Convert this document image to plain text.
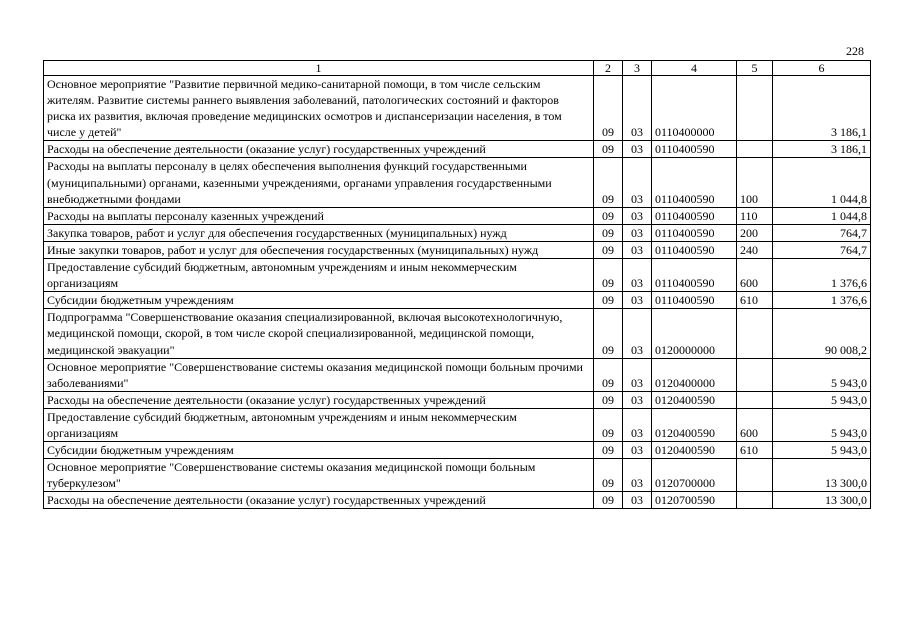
228
1	2	3	4	5	6
Основное мероприятие "Развитие первичной медико-санитарной помощи, в том числе сельским жителям. Развитие системы раннего выявления заболеваний, патологических состояний и факторов риска их развития, включая проведение медицинских осмотров и диспансеризации населения, в том числе у детей"	09	03	0110400000		3 186,1
Расходы на обеспечение деятельности (оказание услуг) государственных учреждений	09	03	0110400590		3 186,1
Расходы на выплаты персоналу в целях обеспечения выполнения функций государственными (муниципальными) органами, казенными учреждениями, органами управления государственными внебюджетными фондами	09	03	0110400590	100	1 044,8
Расходы на выплаты персоналу казенных учреждений	09	03	0110400590	110	1 044,8
Закупка товаров, работ и услуг для обеспечения государственных (муниципальных) нужд	09	03	0110400590	200	764,7
Иные закупки товаров, работ и услуг для обеспечения государственных (муниципальных) нужд	09	03	0110400590	240	764,7
Предоставление субсидий бюджетным, автономным учреждениям и иным некоммерческим организациям	09	03	0110400590	600	1 376,6
Субсидии бюджетным учреждениям	09	03	0110400590	610	1 376,6
Подпрограмма "Совершенствование оказания специализированной, включая высокотехнологичную, медицинской помощи, скорой, в том числе скорой специализированной, медицинской помощи, медицинской эвакуации"	09	03	0120000000		90 008,2
Основное мероприятие "Совершенствование системы оказания медицинской помощи больным прочими заболеваниями"	09	03	0120400000		5 943,0
Расходы на обеспечение деятельности (оказание услуг) государственных учреждений	09	03	0120400590		5 943,0
Предоставление субсидий бюджетным, автономным учреждениям и иным некоммерческим организациям	09	03	0120400590	600	5 943,0
Субсидии бюджетным учреждениям	09	03	0120400590	610	5 943,0
Основное мероприятие "Совершенствование системы оказания медицинской помощи больным туберкулезом"	09	03	0120700000		13 300,0
Расходы на обеспечение деятельности (оказание услуг) государственных учреждений	09	03	0120700590		13 300,0
